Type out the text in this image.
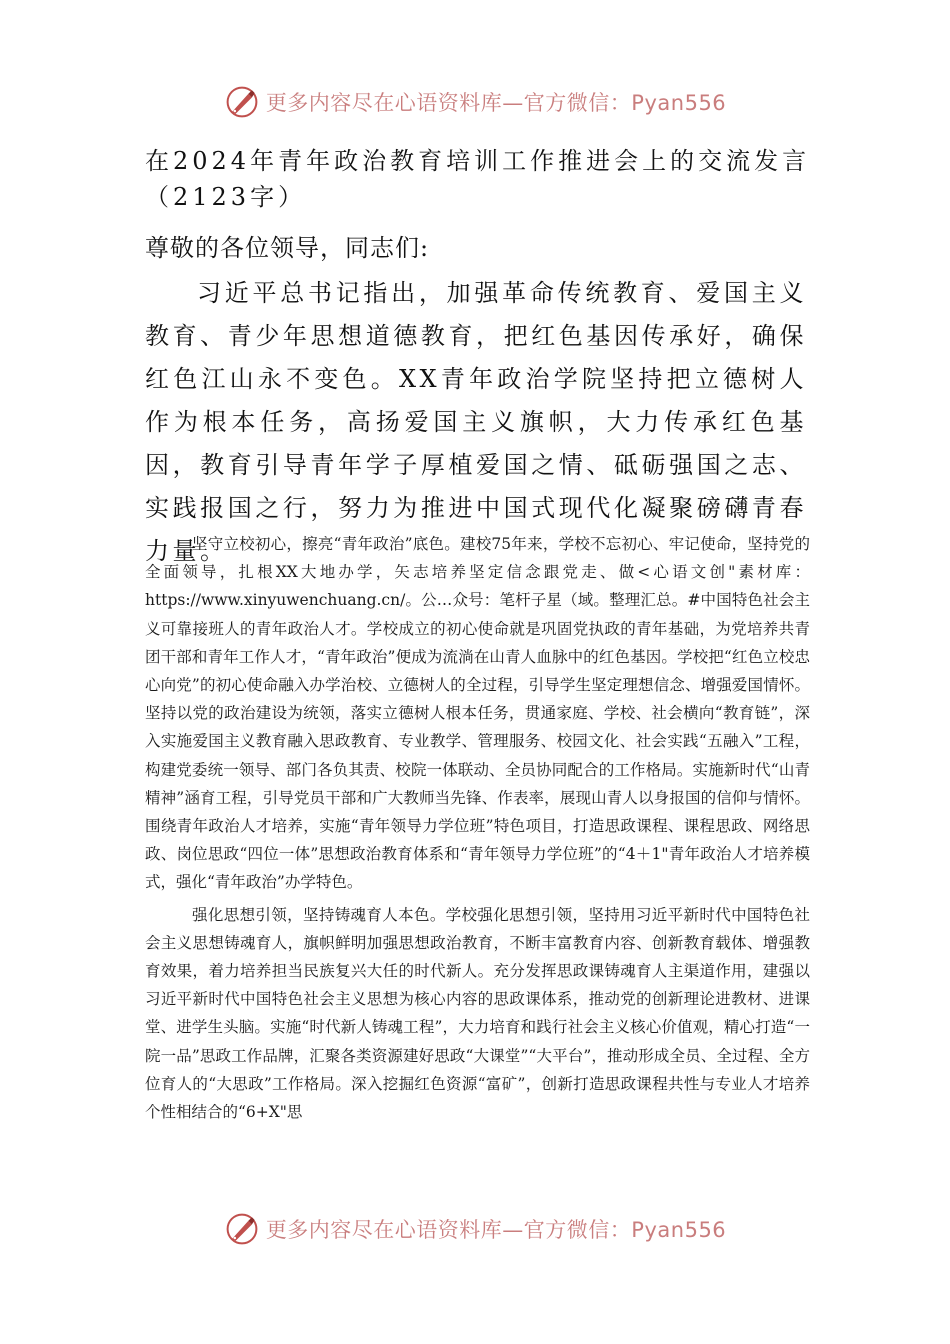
更多内容尽在心语资料库—官方微信：Pyan556
在2024年青年政治教育培训工作推进会上的交流发言（2123字）
尊敬的各位领导，同志们:
习近平总书记指出，加强革命传统教育、爱国主义教育、青少年思想道德教育，把红色基因传承好，确保红色江山永不变色。XX青年政治学院坚持把立德树人作为根本任务，高扬爱国主义旗帜，大力传承红色基因，教育引导青年学子厚植爱国之情、砥砺强国之志、实践报国之行，努力为推进中国式现代化凝聚磅礴青春力量。

坚守立校初心，擦亮“青年政治”底色。建校75年来，学校不忘初心、牢记使命，坚持党的全面领导，扎根XX大地办学，矢志培养坚定信念跟党走、做<心语文创"素材库：https://www.xinyuwenchuang.cn/。公…众号：笔杆子星（域。整理汇总。#中国特色社会主义可靠接班人的青年政治人才。学校成立的初心使命就是巩固党执政的青年基础，为党培养共青团干部和青年工作人才，“青年政治”便成为流淌在山青人血脉中的红色基因。学校把“红色立校忠心向党”的初心使命融入办学治校、立德树人的全过程，引导学生坚定理想信念、增强爱国情怀。坚持以党的政治建设为统领，落实立德树人根本任务，贯通家庭、学校、社会横向“教育链”，深入实施爱国主义教育融入思政教育、专业教学、管理服务、校园文化、社会实践“五融入”工程，构建党委统一领导、部门各负其责、校院一体联动、全员协同配合的工作格局。实施新时代“山青精神”涵育工程，引导党员干部和广大教师当先锋、作表率，展现山青人以身报国的信仰与情怀。围绕青年政治人才培养，实施“青年领导力学位班”特色项目，打造思政课程、课程思政、网络思政、岗位思政“四位一体”思想政治教育体系和“青年领导力学位班”的“4＋1"青年政治人才培养模式，强化“青年政治”办学特色。

强化思想引领，坚持铸魂育人本色。学校强化思想引领，坚持用习近平新时代中国特色社会主义思想铸魂育人，旗帜鲜明加强思想政治教育，不断丰富教育内容、创新教育载体、增强教育效果，着力培养担当民族复兴大任的时代新人。充分发挥思政课铸魂育人主渠道作用，建强以习近平新时代中国特色社会主义思想为核心内容的思政课体系，推动党的创新理论进教材、进课堂、进学生头脑。实施“时代新人铸魂工程”，大力培育和践行社会主义核心价值观，精心打造“一院一品”思政工作品牌，汇聚各类资源建好思政“大课堂”“大平台”，推动形成全员、全过程、全方位育人的“大思政”工作格局。深入挖掘红色资源“富矿”，创新打造思政课程共性与专业人才培养个性相结合的“6+X"思

更多内容尽在心语资料库—官方微信：Pyan556
